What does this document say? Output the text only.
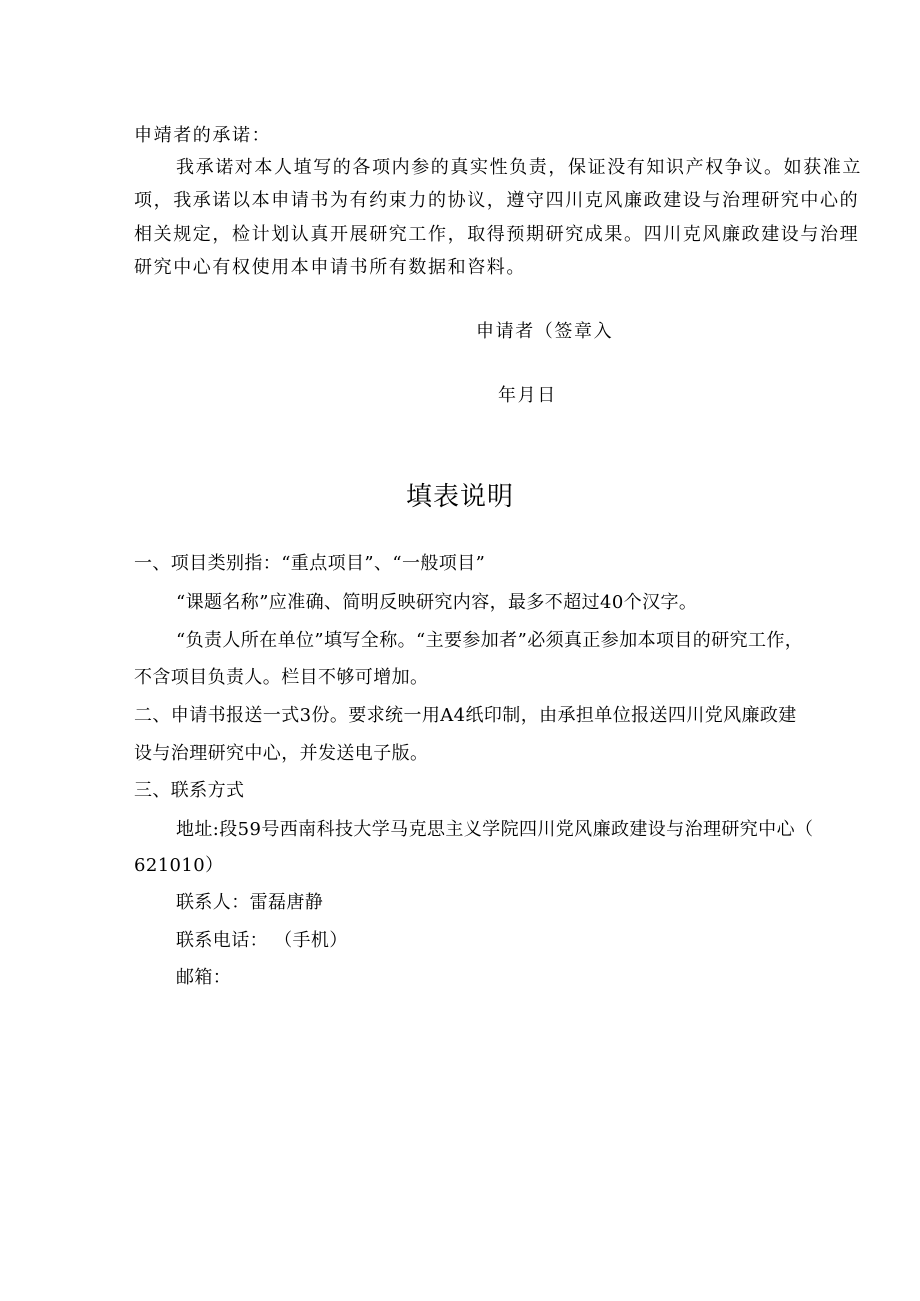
申靖者的承诺：
我承诺对本人埴写的各项内参的真实性负责，保证没有知识产权争议。如获准立
项，我承诺以本申请书为有约束力的协议，遵守四川克风廉政建设与治理研究中心的
相关规定，检计划认真开展研究工作，取得预期研究成果。四川克风廉政建设与治理
研究中心有权使用本申请书所有数据和咨料。
申请者（签章入
年月日
填表说明
一、项目类别指：“重点项目”、“一般项目”
“课题名称”应准确、简明反映研究内容，最多不超过40个汉字。
“负责人所在单位”填写全称。“主要参加者”必须真正参加本项目的研究工作，
不含项目负责人。栏目不够可增加。
二、申请书报送一式3份。要求统一用A4纸印制，由承担单位报送四川党风廉政建
设与治理研究中心，并发送电子版。
三、联系方式
地址:段59号西南科技大学马克思主义学院四川党风廉政建设与治理研究中心（
621010）
联系人：雷磊唐静
联系电话： （手机）
邮箱：
